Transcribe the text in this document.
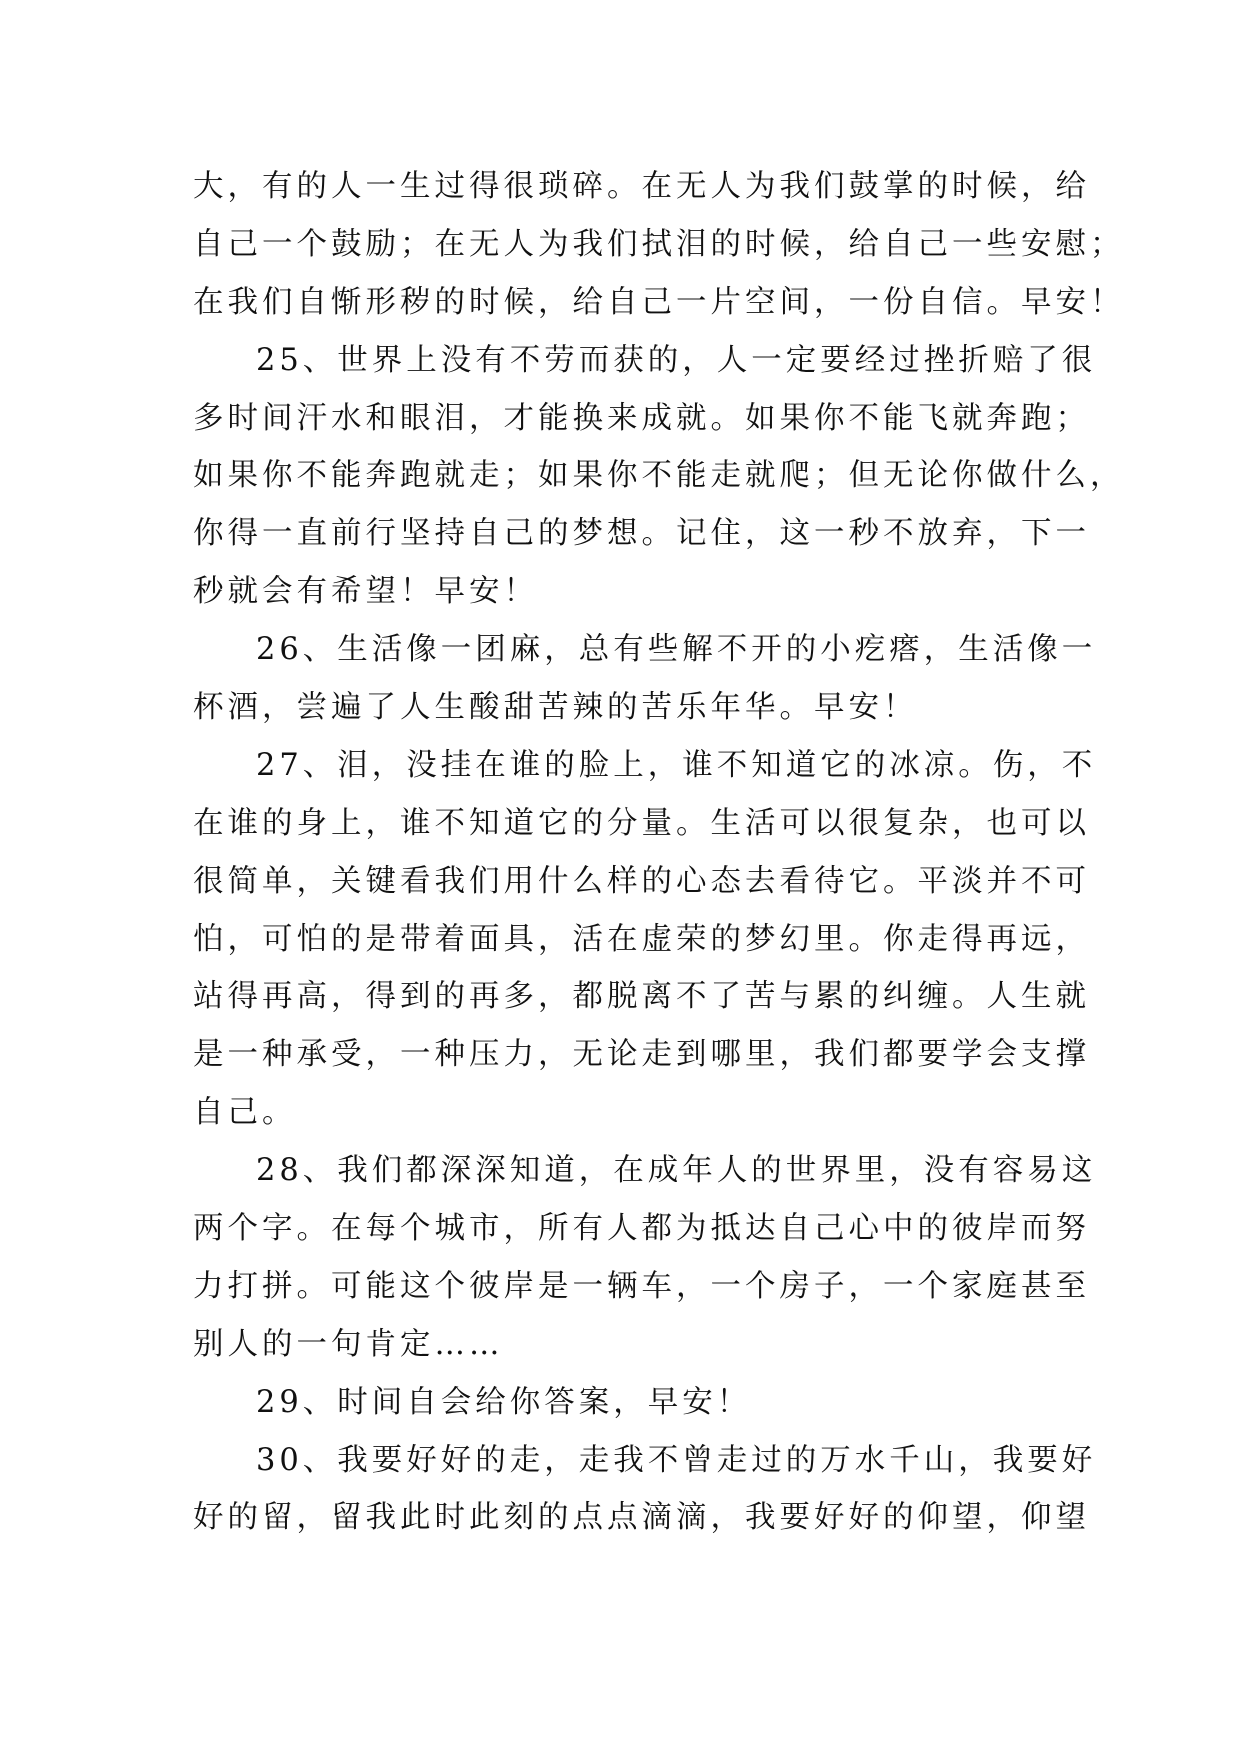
大，有的人一生过得很琐碎。在无人为我们鼓掌的时候，给
自己一个鼓励；在无人为我们拭泪的时候，给自己一些安慰；
在我们自惭形秽的时候，给自己一片空间，一份自信。早安！
25、世界上没有不劳而获的，人一定要经过挫折赔了很
多时间汗水和眼泪，才能换来成就。如果你不能飞就奔跑；
如果你不能奔跑就走；如果你不能走就爬；但无论你做什么，
你得一直前行坚持自己的梦想。记住，这一秒不放弃，下一
秒就会有希望！早安！
26、生活像一团麻，总有些解不开的小疙瘩，生活像一
杯酒，尝遍了人生酸甜苦辣的苦乐年华。早安！
27、泪，没挂在谁的脸上，谁不知道它的冰凉。伤，不
在谁的身上，谁不知道它的分量。生活可以很复杂，也可以
很简单，关键看我们用什么样的心态去看待它。平淡并不可
怕，可怕的是带着面具，活在虚荣的梦幻里。你走得再远，
站得再高，得到的再多，都脱离不了苦与累的纠缠。人生就
是一种承受，一种压力，无论走到哪里，我们都要学会支撑
自己。
28、我们都深深知道，在成年人的世界里，没有容易这
两个字。在每个城市，所有人都为抵达自己心中的彼岸而努
力打拼。可能这个彼岸是一辆车，一个房子，一个家庭甚至
别人的一句肯定……
29、时间自会给你答案，早安！
30、我要好好的走，走我不曾走过的万水千山，我要好
好的留，留我此时此刻的点点滴滴，我要好好的仰望，仰望
